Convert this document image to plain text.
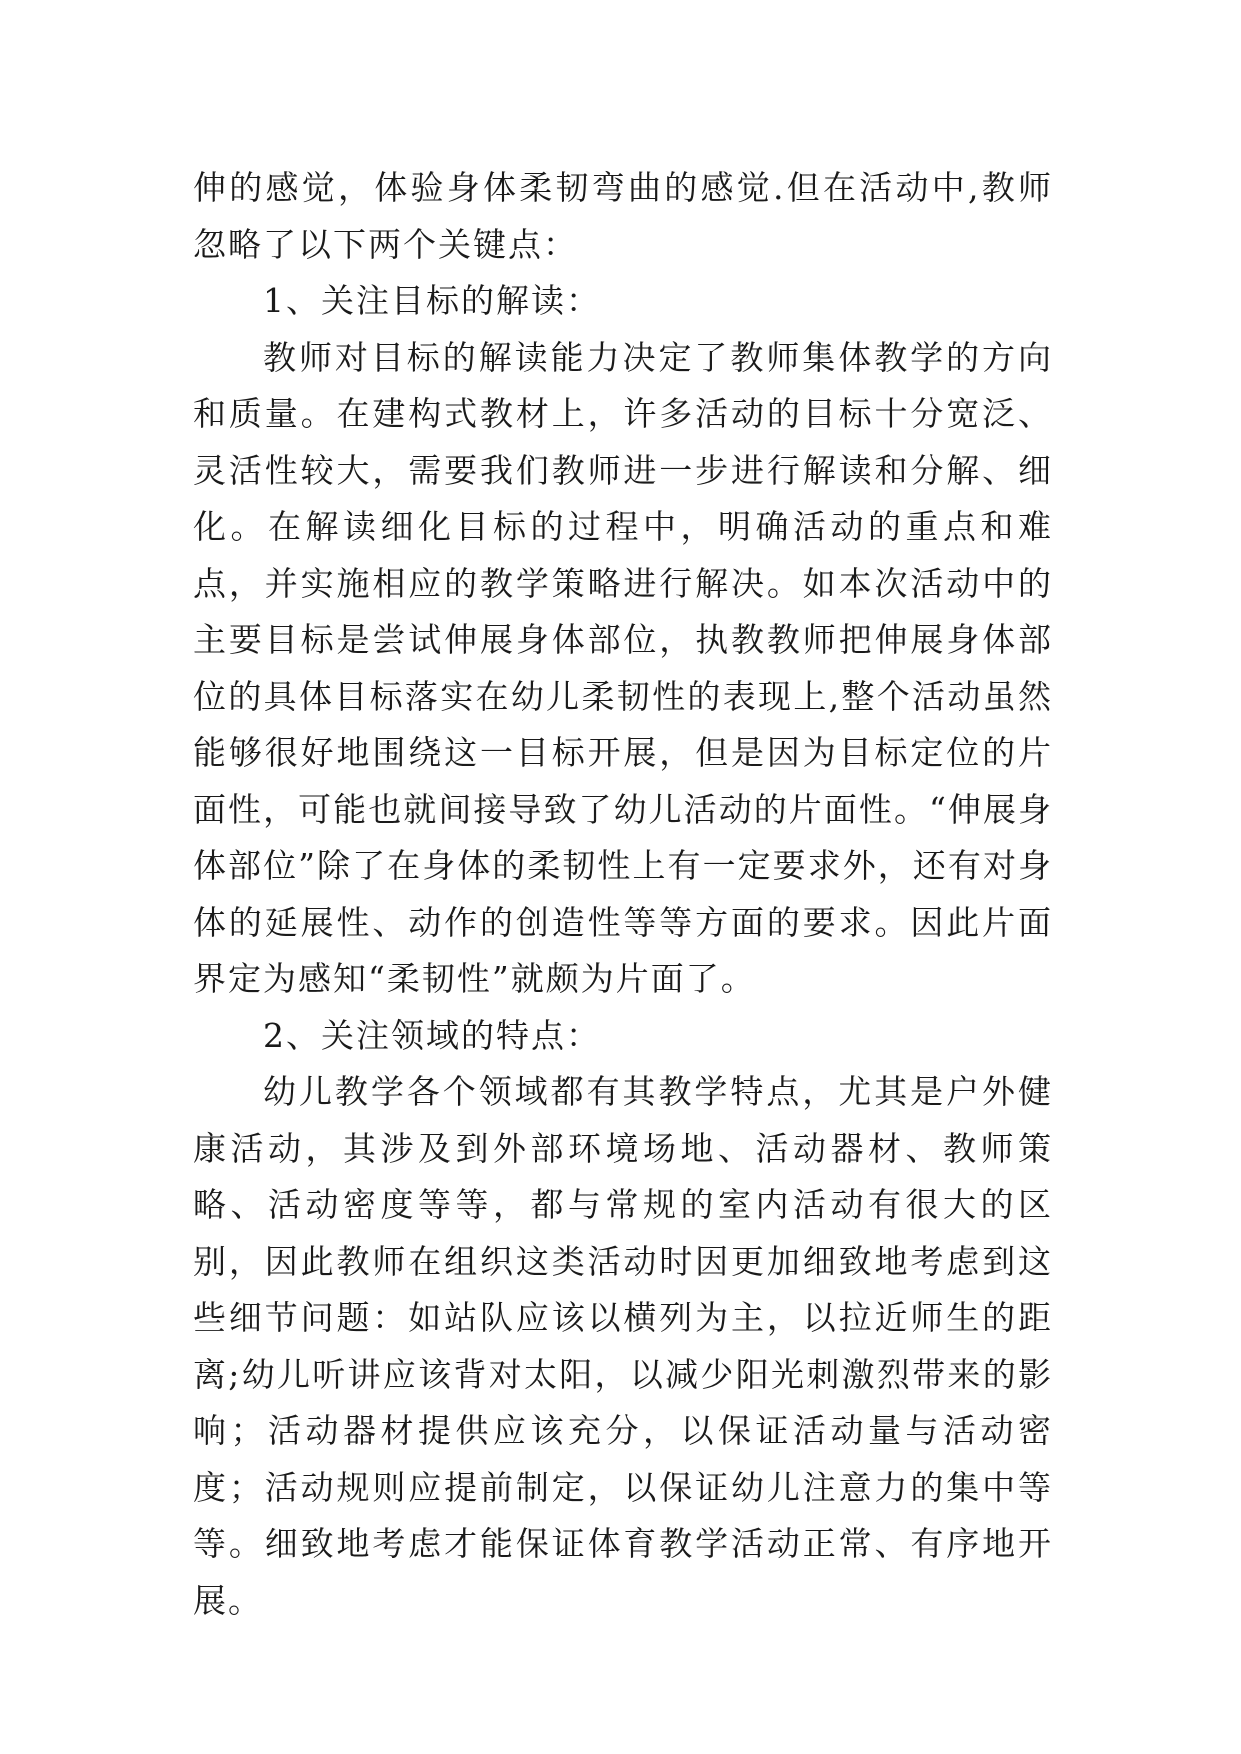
伸的感觉，体验身体柔韧弯曲的感觉.但在活动中,教师忽略了以下两个关键点：

1、关注目标的解读：

教师对目标的解读能力决定了教师集体教学的方向和质量。在建构式教材上，许多活动的目标十分宽泛、灵活性较大，需要我们教师进一步进行解读和分解、细化。在解读细化目标的过程中，明确活动的重点和难点，并实施相应的教学策略进行解决。如本次活动中的主要目标是尝试伸展身体部位，执教教师把伸展身体部位的具体目标落实在幼儿柔韧性的表现上,整个活动虽然能够很好地围绕这一目标开展，但是因为目标定位的片面性，可能也就间接导致了幼儿活动的片面性。“伸展身体部位”除了在身体的柔韧性上有一定要求外，还有对身体的延展性、动作的创造性等等方面的要求。因此片面界定为感知“柔韧性”就颇为片面了。

2、关注领域的特点：

幼儿教学各个领域都有其教学特点，尤其是户外健康活动，其涉及到外部环境场地、活动器材、教师策略、活动密度等等，都与常规的室内活动有很大的区别，因此教师在组织这类活动时因更加细致地考虑到这些细节问题：如站队应该以横列为主，以拉近师生的距离;幼儿听讲应该背对太阳，以减少阳光刺激烈带来的影响；活动器材提供应该充分，以保证活动量与活动密度；活动规则应提前制定，以保证幼儿注意力的集中等等。细致地考虑才能保证体育教学活动正常、有序地开展。
